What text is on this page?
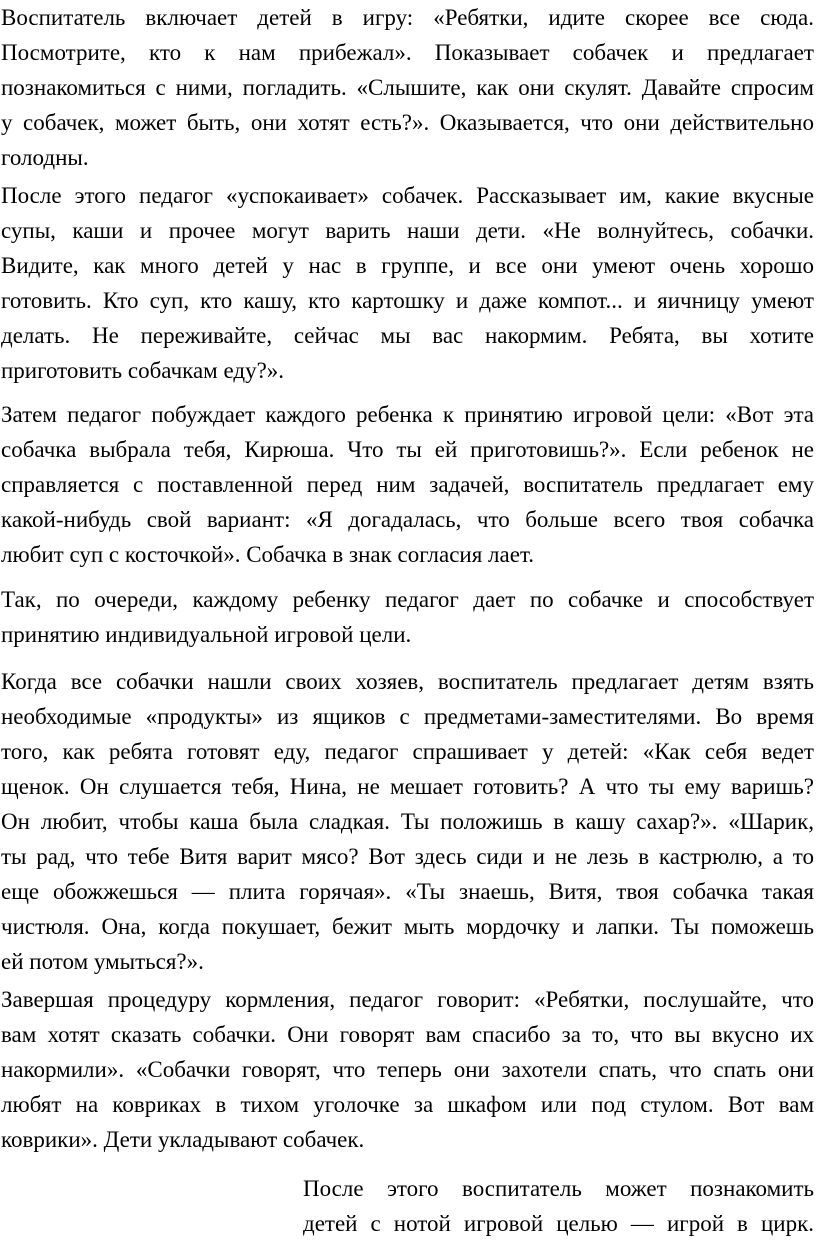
Воспитатель включает детей в игру: «Ребятки, идите скорее все сюда.
Посмотрите, кто к нам прибежал». Показывает собачек и предлагает
познакомиться с ними, погладить. «Слышите, как они скулят. Давайте спросим
у собачек, может быть, они хотят есть?». Оказывается, что они действительно
голодны.
После этого педагог «успокаивает» собачек. Рассказывает им, какие вкусные
супы, каши и прочее могут варить наши дети. «Не волнуйтесь, собачки.
Видите, как много детей у нас в группе, и все они умеют очень хорошо
готовить. Кто суп, кто кашу, кто картошку и даже компот... и яичницу умеют
делать. Не переживайте, сейчас мы вас накормим. Ребята, вы хотите
приготовить собачкам еду?».
Затем педагог побуждает каждого ребенка к принятию игровой цели: «Вот эта
собачка выбрала тебя, Кирюша. Что ты ей приготовишь?». Если ребенок не
справляется с поставленной перед ним задачей, воспитатель предлагает ему
какой-нибудь свой вариант: «Я догадалась, что больше всего твоя собачка
любит суп с косточкой». Собачка в знак согласия лает.
Так, по очереди, каждому ребенку педагог дает по собачке и способствует
принятию индивидуальной игровой цели.
Когда все собачки нашли своих хозяев, воспитатель предлагает детям взять
необходимые «продукты» из ящиков с предметами-заместителями. Во время
того, как ребята готовят еду, педагог спрашивает у детей: «Как себя ведет
щенок. Он слушается тебя, Нина, не мешает готовить? А что ты ему варишь?
Он любит, чтобы каша была сладкая. Ты положишь в кашу сахар?». «Шарик,
ты рад, что тебе Витя варит мясо? Вот здесь сиди и не лезь в кастрюлю, а то
еще обожжешься — плита горячая». «Ты знаешь, Витя, твоя собачка такая
чистюля. Она, когда покушает, бежит мыть мордочку и лапки. Ты поможешь
ей потом умыться?».
Завершая процедуру кормления, педагог говорит: «Ребятки, послушайте, что
вам хотят сказать собачки. Они говорят вам спасибо за то, что вы вкусно их
накормили». «Собачки говорят, что теперь они захотели спать, что спать они
любят на ковриках в тихом уголочке за шкафом или под стулом. Вот вам
коврики». Дети укладывают собачек.
После этого воспитатель может познакомить
детей с нотой игровой целью — игрой в цирк.
